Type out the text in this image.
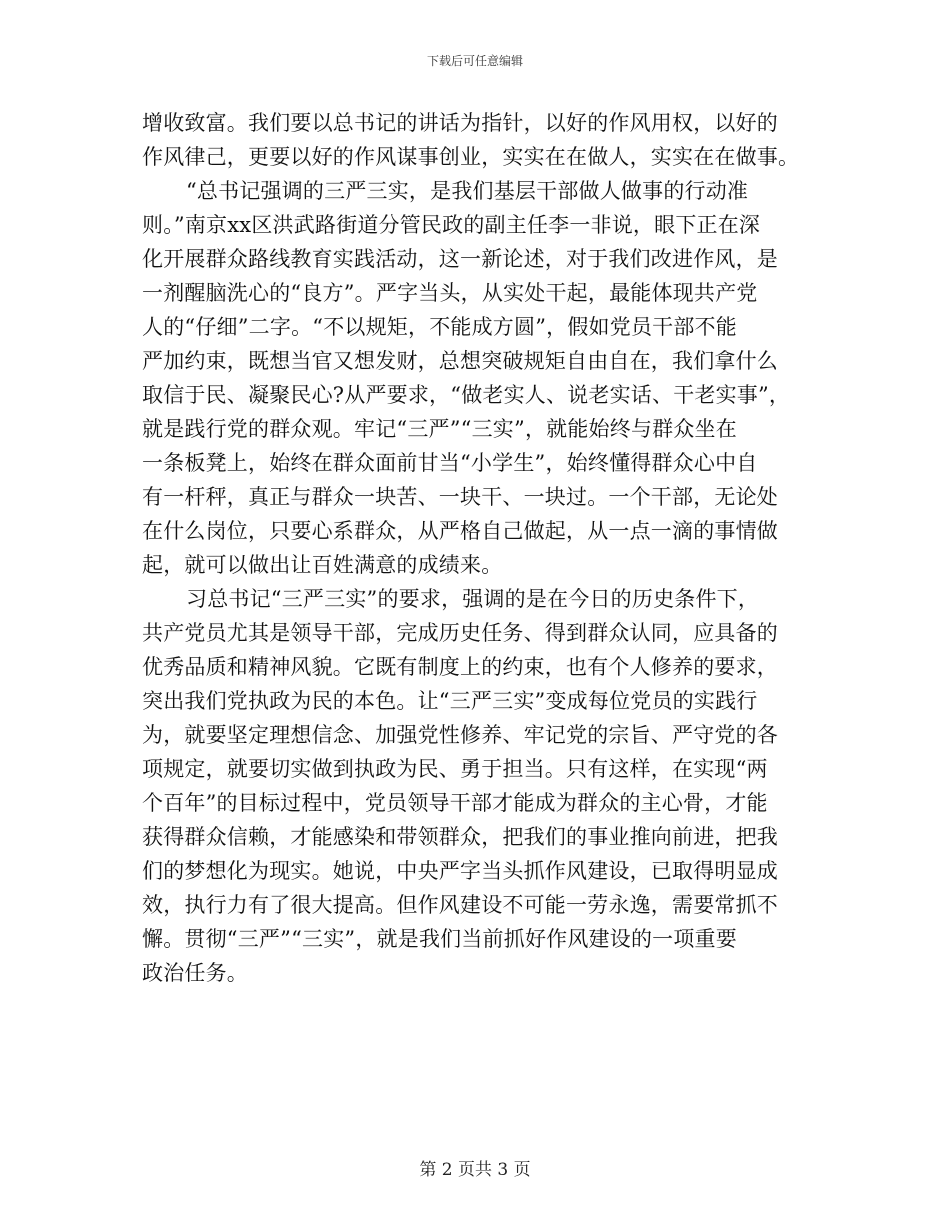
下载后可任意编辑
增收致富。我们要以总书记的讲话为指针，以好的作风用权，以好的
作风律己，更要以好的作风谋事创业，实实在在做人，实实在在做事。
“总书记强调的三严三实，是我们基层干部做人做事的行动准
则。”南京xx区洪武路街道分管民政的副主任李一非说，眼下正在深
化开展群众路线教育实践活动，这一新论述，对于我们改进作风，是
一剂醒脑洗心的“良方”。严字当头，从实处干起，最能体现共产党
人的“仔细”二字。“不以规矩，不能成方圆”，假如党员干部不能
严加约束，既想当官又想发财，总想突破规矩自由自在，我们拿什么
取信于民、凝聚民心?从严要求，“做老实人、说老实话、干老实事”，
就是践行党的群众观。牢记“三严”“三实”，就能始终与群众坐在
一条板凳上，始终在群众面前甘当“小学生”，始终懂得群众心中自
有一杆秤，真正与群众一块苦、一块干、一块过。一个干部，无论处
在什么岗位，只要心系群众，从严格自己做起，从一点一滴的事情做
起，就可以做出让百姓满意的成绩来。
习总书记“三严三实”的要求，强调的是在今日的历史条件下，
共产党员尤其是领导干部，完成历史任务、得到群众认同，应具备的
优秀品质和精神风貌。它既有制度上的约束，也有个人修养的要求，
突出我们党执政为民的本色。让“三严三实”变成每位党员的实践行
为，就要坚定理想信念、加强党性修养、牢记党的宗旨、严守党的各
项规定，就要切实做到执政为民、勇于担当。只有这样，在实现“两
个百年”的目标过程中，党员领导干部才能成为群众的主心骨，才能
获得群众信赖，才能感染和带领群众，把我们的事业推向前进，把我
们的梦想化为现实。她说，中央严字当头抓作风建设，已取得明显成
效，执行力有了很大提高。但作风建设不可能一劳永逸，需要常抓不
懈。贯彻“三严”“三实”，就是我们当前抓好作风建设的一项重要
政治任务。
第 2 页共 3 页
